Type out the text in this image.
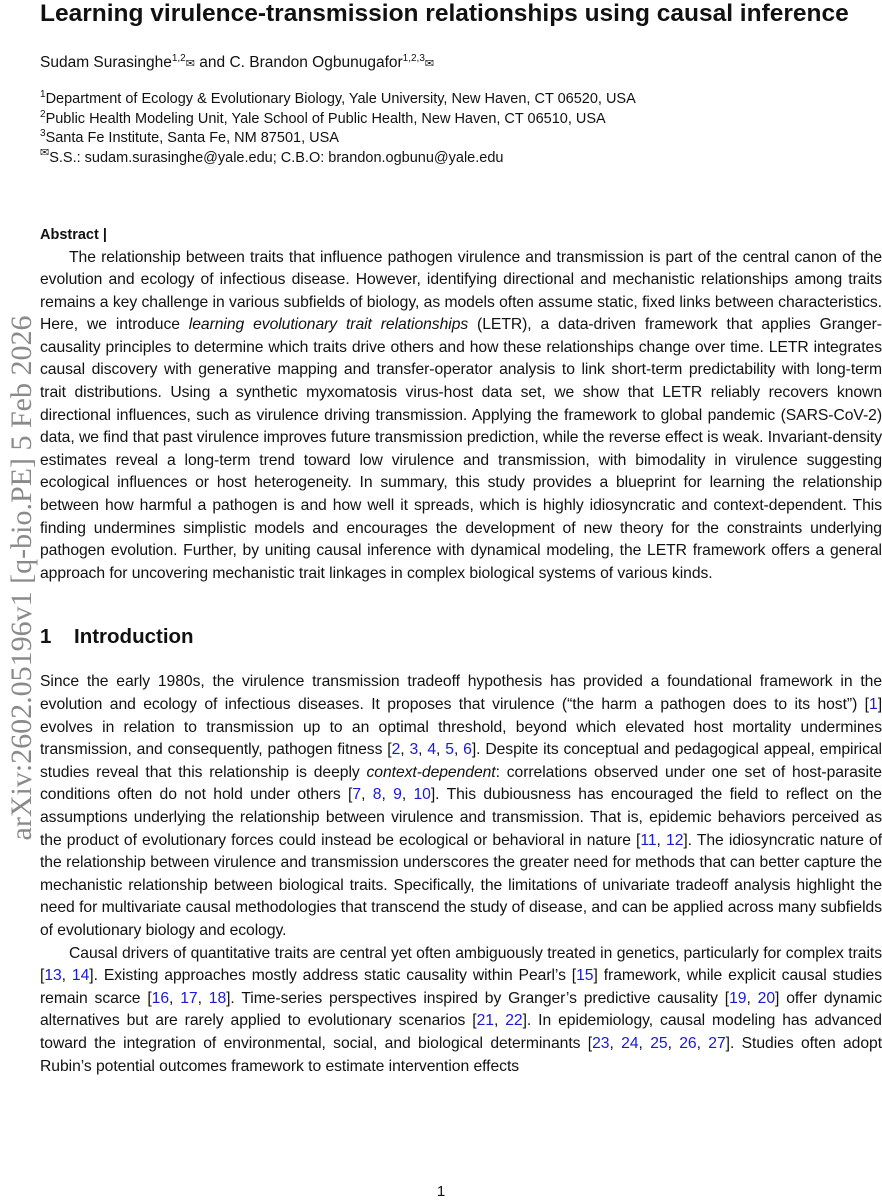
arXiv:2602.05196v1 [q-bio.PE] 5 Feb 2026
Learning virulence-transmission relationships using causal inference
Sudam Surasinghe$^{1,2}$✉ and C. Brandon Ogbunugafor$^{1,2,3}$✉
$^1$Department of Ecology & Evolutionary Biology, Yale University, New Haven, CT 06520, USA
$^2$Public Health Modeling Unit, Yale School of Public Health, New Haven, CT 06510, USA
$^3$Santa Fe Institute, Santa Fe, NM 87501, USA
✉S.S.: sudam.surasinghe@yale.edu; C.B.O: brandon.ogbunu@yale.edu
Abstract |

The relationship between traits that influence pathogen virulence and transmission is part of the central canon of the evolution and ecology of infectious disease. However, identifying directional and mechanistic relationships among traits remains a key challenge in various subfields of biology, as models often assume static, fixed links between characteristics. Here, we introduce learning evolutionary trait relationships (LETR), a data-driven framework that applies Granger-causality principles to determine which traits drive others and how these relationships change over time. LETR integrates causal discovery with generative mapping and transfer-operator analysis to link short-term predictability with long-term trait distributions. Using a synthetic myxomatosis virus-host data set, we show that LETR reliably recovers known directional influences, such as virulence driving transmission. Applying the framework to global pandemic (SARS-CoV-2) data, we find that past virulence improves future transmission prediction, while the reverse effect is weak. Invariant-density estimates reveal a long-term trend toward low virulence and transmission, with bimodality in virulence suggesting ecological influences or host heterogeneity. In summary, this study provides a blueprint for learning the relationship between how harmful a pathogen is and how well it spreads, which is highly idiosyncratic and context-dependent. This finding undermines simplistic models and encourages the development of new theory for the constraints underlying pathogen evolution. Further, by uniting causal inference with dynamical modeling, the LETR framework offers a general approach for uncovering mechanistic trait linkages in complex biological systems of various kinds.

1 Introduction

Since the early 1980s, the virulence transmission tradeoff hypothesis has provided a foundational framework in the evolution and ecology of infectious diseases. It proposes that virulence (“the harm a pathogen does to its host”) [1] evolves in relation to transmission up to an optimal threshold, beyond which elevated host mortality undermines transmission, and consequently, pathogen fitness [2, 3, 4, 5, 6]. Despite its conceptual and pedagogical appeal, empirical studies reveal that this relationship is deeply context-dependent: correlations observed under one set of host-parasite conditions often do not hold under others [7, 8, 9, 10]. This dubiousness has encouraged the field to reflect on the assumptions underlying the relationship between virulence and transmission. That is, epidemic behaviors perceived as the product of evolutionary forces could instead be ecological or behavioral in nature [11, 12]. The idiosyncratic nature of the relationship between virulence and transmission underscores the greater need for methods that can better capture the mechanistic relationship between biological traits. Specifically, the limitations of univariate tradeoff analysis highlight the need for multivariate causal methodologies that transcend the study of disease, and can be applied across many subfields of evolutionary biology and ecology.

Causal drivers of quantitative traits are central yet often ambiguously treated in genetics, particularly for complex traits [13, 14]. Existing approaches mostly address static causality within Pearl’s [15] framework, while explicit causal studies remain scarce [16, 17, 18]. Time-series perspectives inspired by Granger’s predictive causality [19, 20] offer dynamic alternatives but are rarely applied to evolutionary scenarios [21, 22]. In epidemiology, causal modeling has advanced toward the integration of environmental, social, and biological determinants [23, 24, 25, 26, 27]. Studies often adopt Rubin’s potential outcomes framework to estimate intervention effects

1
